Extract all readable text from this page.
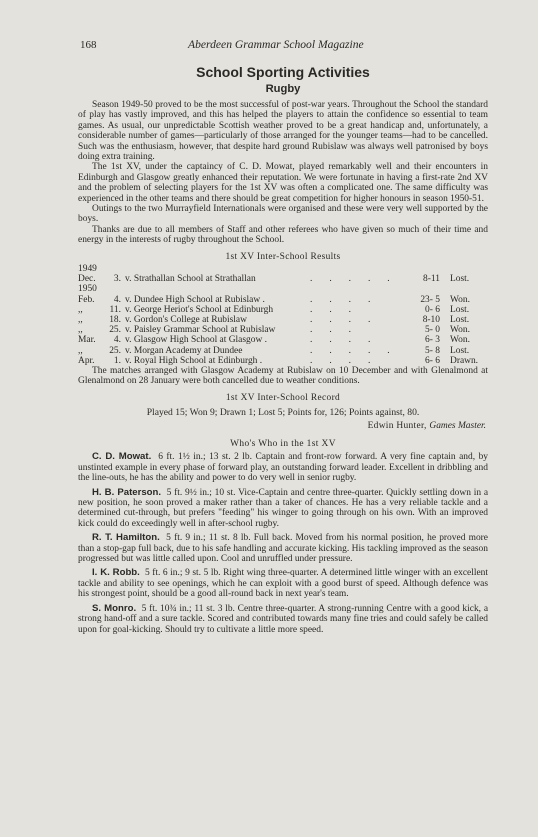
168	Aberdeen Grammar School Magazine
School Sporting Activities
Rugby

Season 1949-50 proved to be the most successful of post-war years. Throughout the School the standard of play has vastly improved, and this has helped the players to attain the confidence so essential to team games. As usual, our unpredictable Scottish weather proved to be a great handicap and, unfortunately, a considerable number of games—particularly of those arranged for the younger teams—had to be cancelled. Such was the enthusiasm, however, that despite hard ground Rubislaw was always well patronised by boys doing extra training.

The 1st XV, under the captaincy of C. D. Mowat, played remarkably well and their encounters in Edinburgh and Glasgow greatly enhanced their reputation. We were fortunate in having a first-rate 2nd XV and the problem of selecting players for the 1st XV was often a complicated one. The same difficulty was experienced in the other teams and there should be great competition for higher honours in season 1950-51.

Outings to the two Murrayfield Internationals were organised and these were very well supported by the boys.

Thanks are due to all members of Staff and other referees who have given so much of their time and energy in the interests of rugby throughout the School.

1st XV Inter-School Results
1949
Dec.	3. v. Strathallan School at Strathallan	. . . . .	8-11 Lost.
1950
Feb.	4. v. Dundee High School at Rubislaw .	. . . .	23- 5 Won.
,,	11. v. George Heriot's School at Edinburgh	. . .	0- 6 Lost.
,,	18. v. Gordon's College at Rubislaw	. . . .	8-10 Lost.
,,	25. v. Paisley Grammar School at Rubislaw	. . .	5- 0 Won.
Mar.	4. v. Glasgow High School at Glasgow .	. . . .	6- 3 Won.
,,	25. v. Morgan Academy at Dundee	. . . . .	5- 8 Lost.
Apr.	1. v. Royal High School at Edinburgh .	. . . .	6- 6 Drawn.

The matches arranged with Glasgow Academy at Rubislaw on 10 December and with Glenalmond at Glenalmond on 28 January were both cancelled due to weather conditions.

1st XV Inter-School Record
Played 15; Won 9; Drawn 1; Lost 5; Points for, 126; Points against, 80.
Edwin Hunter, Games Master.
Who's Who in the 1st XV

C. D. Mowat. 6 ft. 1½ in.; 13 st. 2 lb. Captain and front-row forward. A very fine captain and, by unstinted example in every phase of forward play, an outstanding forward leader. Excellent in dribbling and the line-outs, he has the ability and power to do very well in senior rugby.

H. B. Paterson. 5 ft. 9½ in.; 10 st. Vice-Captain and centre three-quarter. Quickly settling down in a new position, he soon proved a maker rather than a taker of chances. He has a very reliable tackle and a determined cut-through, but prefers "feeding" his winger to going through on his own. With an improved kick could do exceedingly well in after-school rugby.

R. T. Hamilton. 5 ft. 9 in.; 11 st. 8 lb. Full back. Moved from his normal position, he proved more than a stop-gap full back, due to his safe handling and accurate kicking. His tackling improved as the season progressed but was little called upon. Cool and unruffled under pressure.

I. K. Robb. 5 ft. 6 in.; 9 st. 5 lb. Right wing three-quarter. A determined little winger with an excellent tackle and ability to see openings, which he can exploit with a good burst of speed. Although defence was his strongest point, should be a good all-round back in next year's team.

S. Monro. 5 ft. 10¾ in.; 11 st. 3 lb. Centre three-quarter. A strong-running Centre with a good kick, a strong hand-off and a sure tackle. Scored and contributed towards many fine tries and could safely be called upon for goal-kicking. Should try to cultivate a little more speed.
